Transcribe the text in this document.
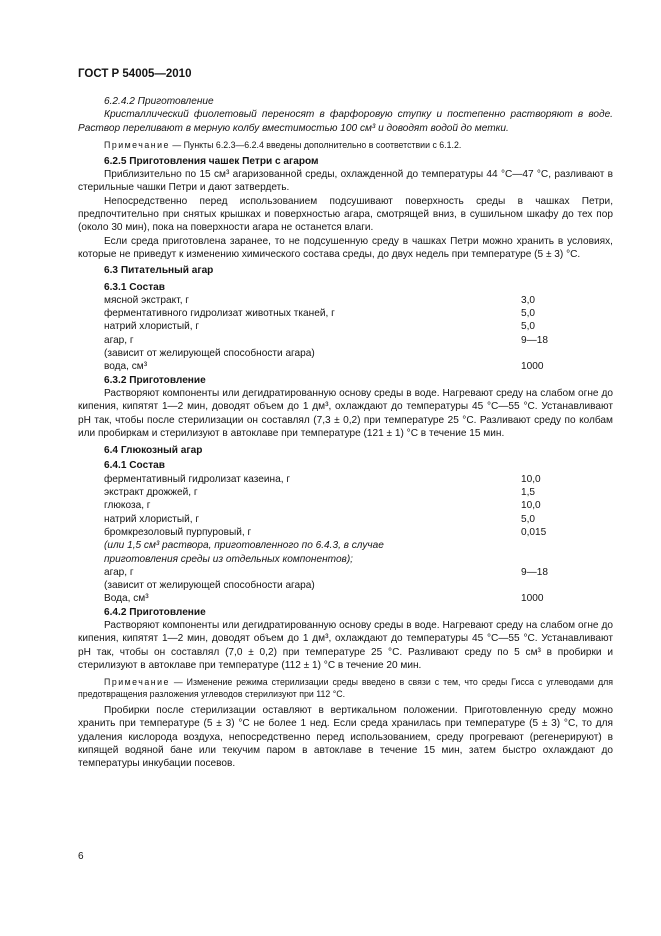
ГОСТ Р 54005—2010

6.2.4.2 Приготовление

Кристаллический фиолетовый переносят в фарфоровую ступку и постепенно растворяют в воде. Раствор переливают в мерную колбу вместимостью 100 см³ и доводят водой до метки.

Примечание — Пункты 6.2.3—6.2.4 введены дополнительно в соответствии с 6.1.2.

6.2.5 Приготовления чашек Петри с агаром

Приблизительно по 15 см³ агаризованной среды, охлажденной до температуры 44 °С—47 °С, разливают в стерильные чашки Петри и дают затвердеть.

Непосредственно перед использованием подсушивают поверхность среды в чашках Петри, предпочтительно при снятых крышках и поверхностью агара, смотрящей вниз, в сушильном шкафу до тех пор (около 30 мин), пока на поверхности агара не останется влаги.

Если среда приготовлена заранее, то не подсушенную среду в чашках Петри можно хранить в условиях, которые не приведут к изменению химического состава среды, до двух недель при температуре (5 ± 3) °С.

6.3 Питательный агар

6.3.1 Состав

мясной экстракт, г	3,0
ферментативного гидролизат животных тканей, г	5,0
натрий хлористый, г	5,0
агар, г	9—18
(зависит от желирующей способности агара)
вода, см³	1000

6.3.2 Приготовление

Растворяют компоненты или дегидратированную основу среды в воде. Нагревают среду на слабом огне до кипения, кипятят 1—2 мин, доводят объем до 1 дм³, охлаждают до температуры 45 °С—55 °С. Устанавливают pH так, чтобы после стерилизации он составлял (7,3 ± 0,2) при температуре 25 °С. Разливают среду по колбам или пробиркам и стерилизуют в автоклаве при температуре (121 ± 1) °С в течение 15 мин.

6.4 Глюкозный агар

6.4.1 Состав

ферментативный гидролизат казеина, г	10,0
экстракт дрожжей, г	1,5
глюкоза, г	10,0
натрий хлористый, г	5,0
бромкрезоловый пурпуровый, г	0,015
(или 1,5 см³ раствора, приготовленного по 6.4.3, в случае приготовления среды из отдельных компонентов);
агар, г	9—18
(зависит от желирующей способности агара)
Вода, см³	1000

6.4.2 Приготовление

Растворяют компоненты или дегидратированную основу среды в воде. Нагревают среду на слабом огне до кипения, кипятят 1—2 мин, доводят объем до 1 дм³, охлаждают до температуры 45 °С—55 °С. Устанавливают pH так, чтобы он составлял (7,0 ± 0,2) при температуре 25 °С. Разливают среду по 5 см³ в пробирки и стерилизуют в автоклаве при температуре (112 ± 1) °С в течение 20 мин.

Примечание — Изменение режима стерилизации среды введено в связи с тем, что среды Гисса с углеводами для предотвращения разложения углеводов стерилизуют при 112 °С.

Пробирки после стерилизации оставляют в вертикальном положении. Приготовленную среду можно хранить при температуре (5 ± 3) °С не более 1 нед. Если среда хранилась при температуре (5 ± 3) °С, то для удаления кислорода воздуха, непосредственно перед использованием, среду прогревают (регенерируют) в кипящей водяной бане или текучим паром в автоклаве в течение 15 мин, затем быстро охлаждают до температуры инкубации посевов.

6
